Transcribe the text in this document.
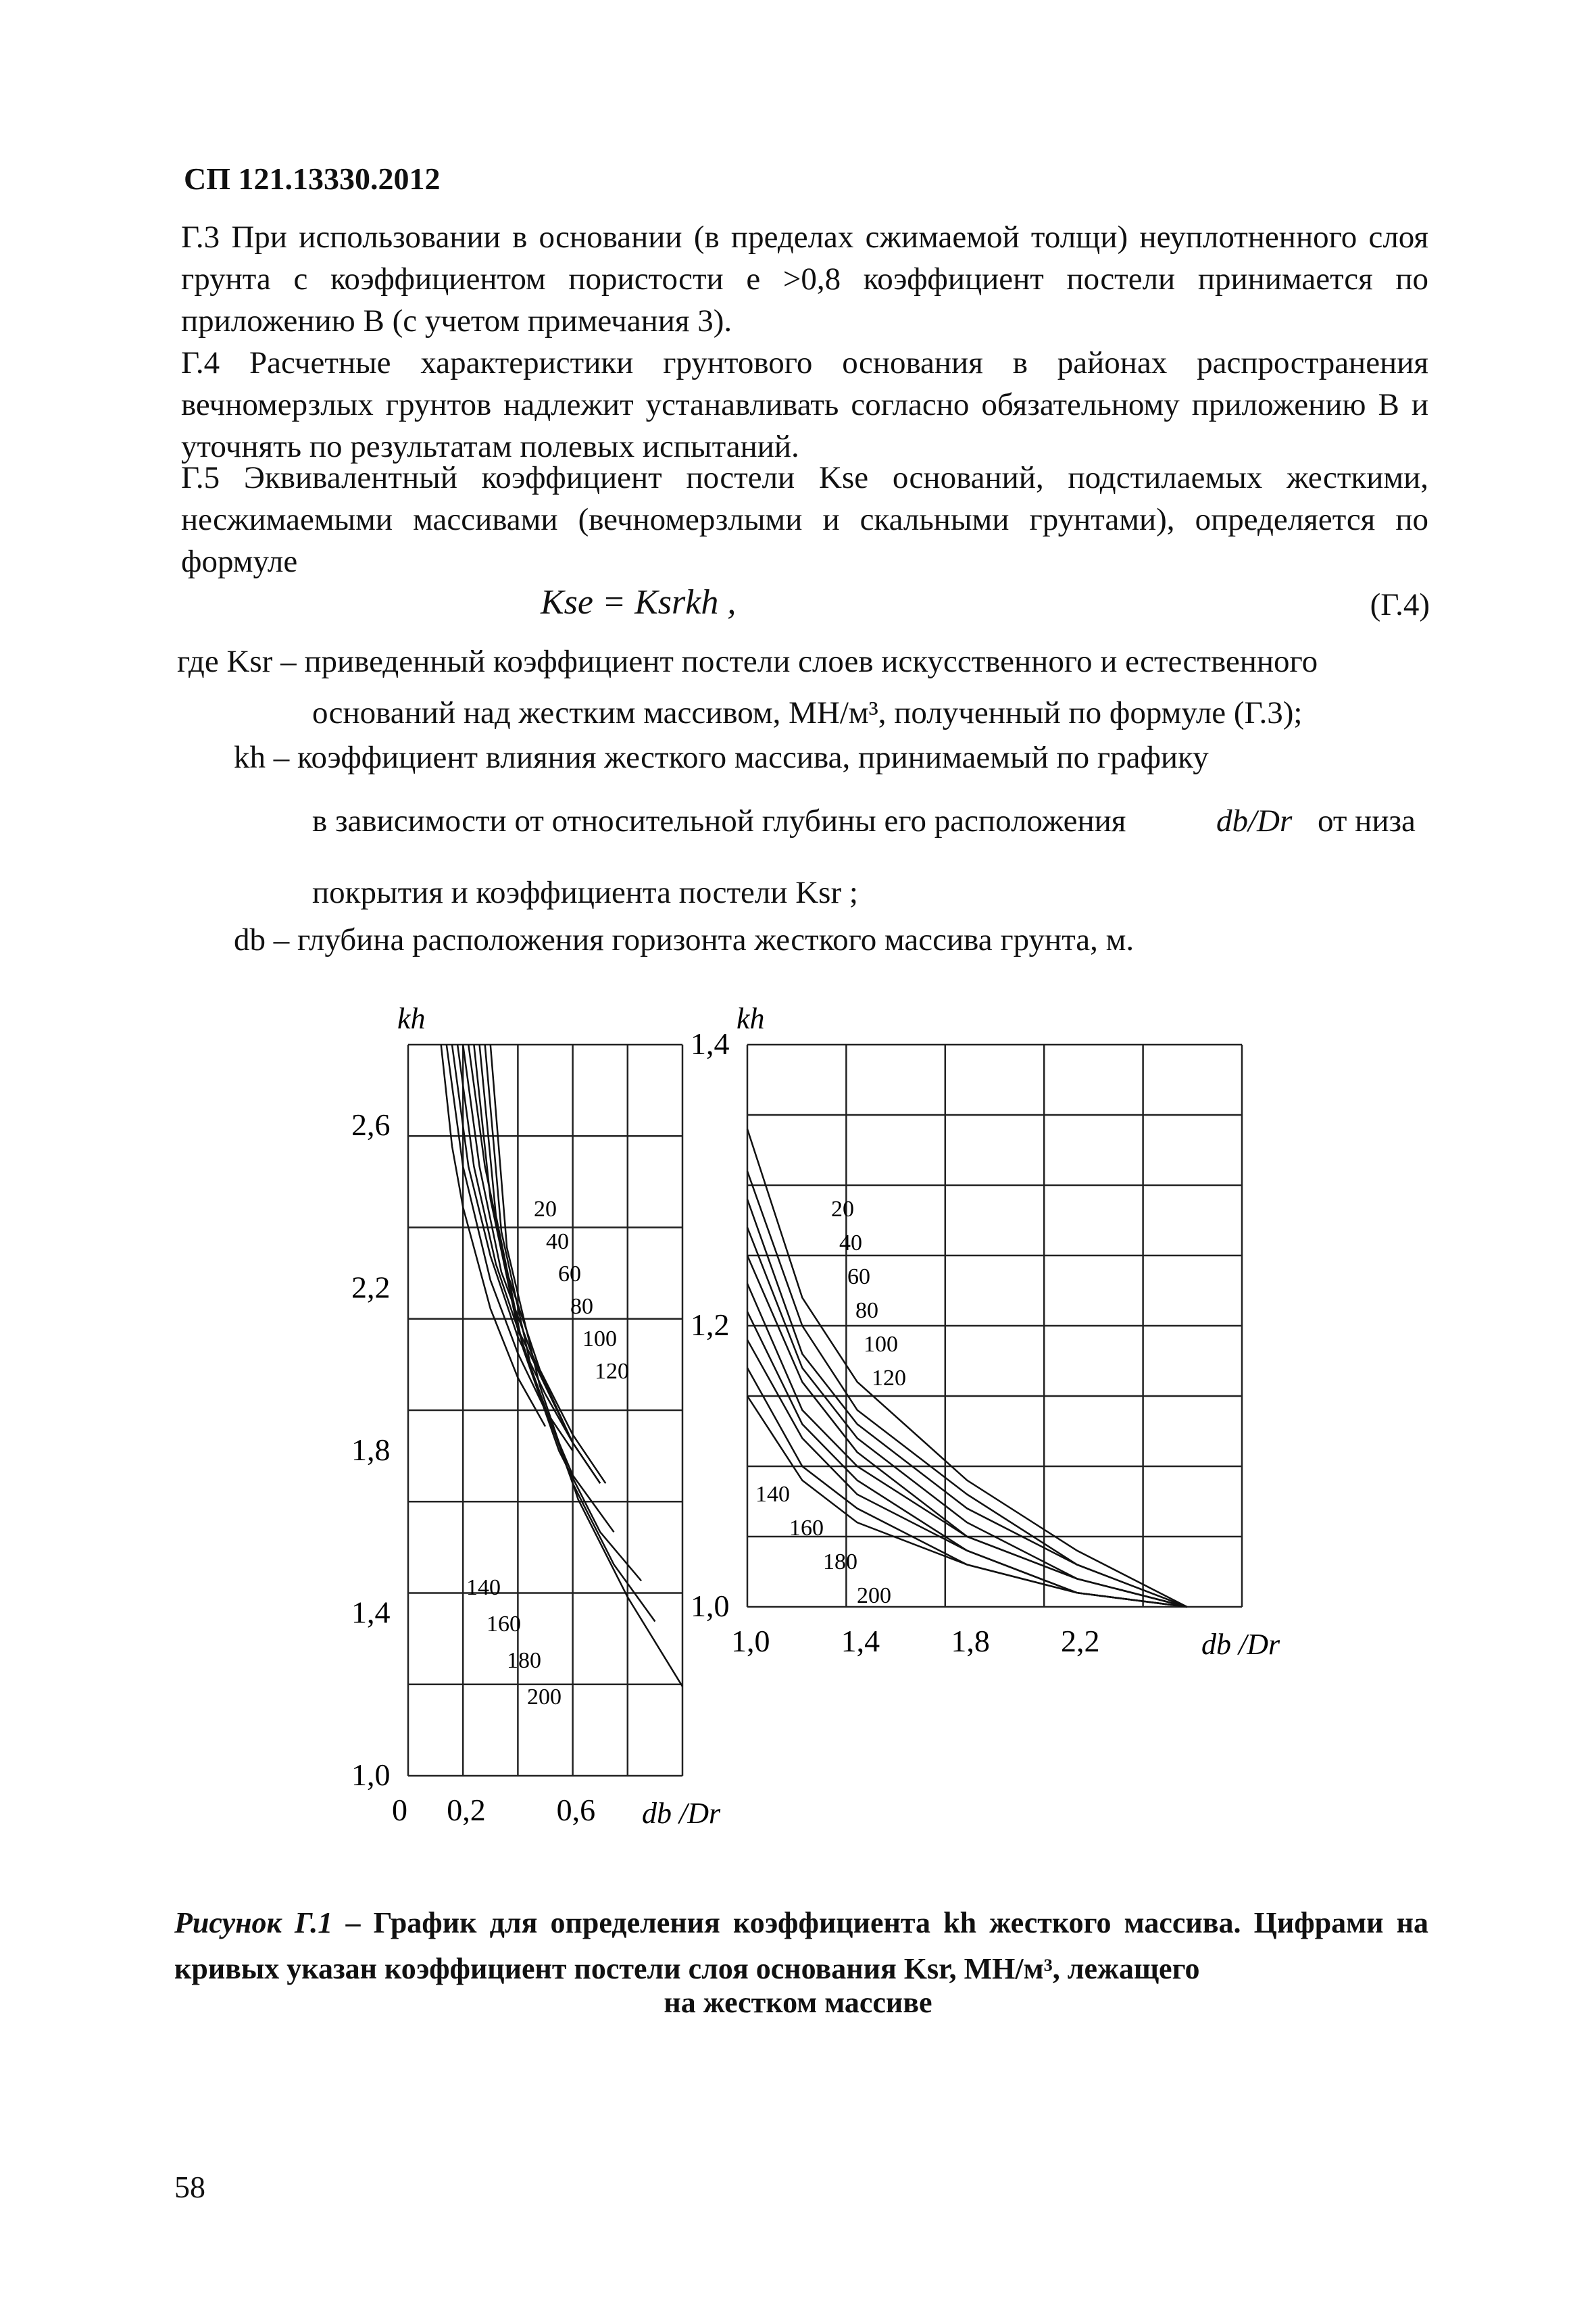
СП 121.13330.2012

Г.3 При использовании в основании (в пределах сжимаемой толщи) неуплотненного слоя грунта с коэффициентом пористости e >0,8 коэффициент постели принимается по приложению В (с учетом примечания 3).

Г.4 Расчетные характеристики грунтового основания в районах распространения вечномерзлых грунтов надлежит устанавливать согласно обязательному приложению В и уточнять по результатам полевых испытаний.

Г.5 Эквивалентный коэффициент постели Kse оснований, подстилаемых жесткими, несжимаемыми массивами (вечномерзлыми и скальными грунтами), определяется по формуле

Kse = Ksrkh ,	(Г.4)
где Ksr – приведенный коэффициент постели слоев искусственного и естественного
оснований над жестким массивом, МН/м³, полученный по формуле (Г.3);
kh – коэффициент влияния жесткого массива, принимаемый по графику
в зависимости от относительной глубины его расположения	db/Dr от низа
покрытия и коэффициента постели Ksr ;
db – глубина расположения горизонта жесткого массива грунта, м.
20
40
60
80
100
120
140
160
180
200
0 0,2 0,6
1,0
1,4
1,8
2,2
2,6
kh
db /Dr
20
40
60
80
100
120
140
160
180
200
1,0 1,4 1,8 2,2
1,0
1,2
1,4
kh
db /Dr

Рисунок Г.1 – График для определения коэффициента kh жесткого массива. Цифрами на кривых указан коэффициент постели слоя основания Ksr, МН/м³, лежащего

на жестком массиве
58
